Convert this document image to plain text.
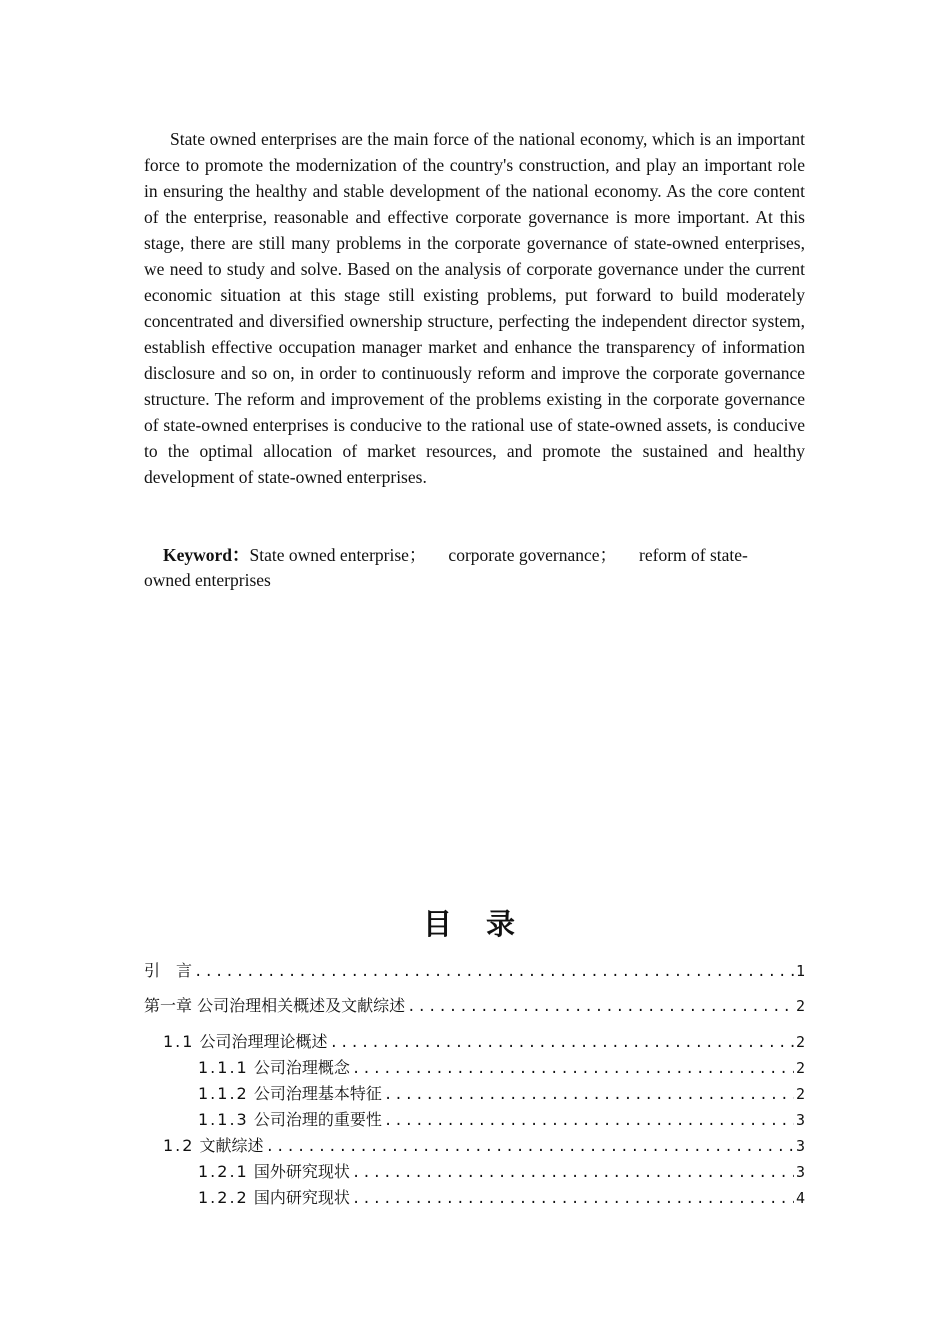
State owned enterprises are the main force of the national economy, which is an important force to promote the modernization of the country's construction, and play an important role in ensuring the healthy and stable development of the national economy. As the core content of the enterprise, reasonable and effective corporate governance is more important. At this stage, there are still many problems in the corporate governance of state-owned enterprises, we need to study and solve. Based on the analysis of corporate governance under the current economic situation at this stage still existing problems, put forward to build moderately concentrated and diversified ownership structure, perfecting the independent director system, establish effective occupation manager market and enhance the transparency of information disclosure and so on, in order to continuously reform and improve the corporate governance structure. The reform and improvement of the problems existing in the corporate governance of state-owned enterprises is conducive to the rational use of state-owned assets, is conducive to the optimal allocation of market resources, and promote the sustained and healthy development of state-owned enterprises.

Keyword：State owned enterprise； corporate governance； reform of state-owned enterprises

目 录
引　言 .....	1
第一章 公司治理相关概述及文献综述 .....	2
1.1 公司治理理论概述 .....	2
1.1.1 公司治理概念 .....	2
1.1.2 公司治理基本特征 .....	2
1.1.3 公司治理的重要性 .....	3
1.2 文献综述 .....	3
1.2.1 国外研究现状 .....	3
1.2.2 国内研究现状 .....	4
